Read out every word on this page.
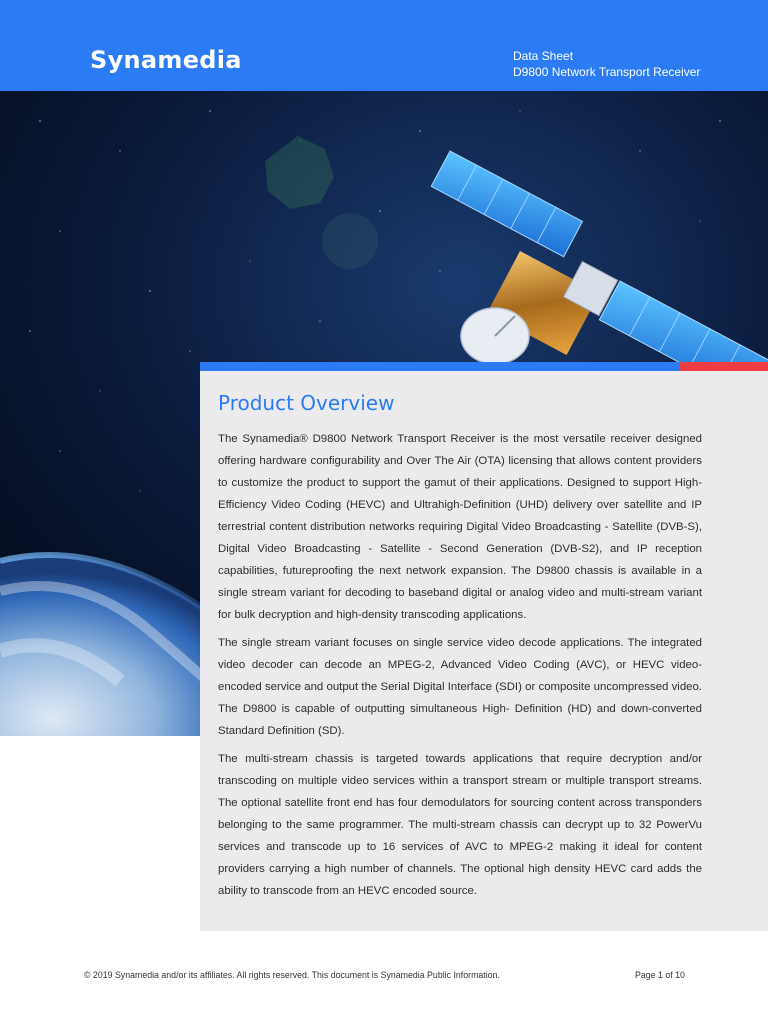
Synamedia	Data Sheet
D9800 Network Transport Receiver
Product Overview

The Synamedia® D9800 Network Transport Receiver is the most versatile receiver designed offering hardware configurability and Over The Air (OTA) licensing that allows content providers to customize the product to support the gamut of their applications. Designed to support High-Efficiency Video Coding (HEVC) and Ultrahigh-Definition (UHD) delivery over satellite and IP terrestrial content distribution networks requiring Digital Video Broadcasting - Satellite (DVB-S), Digital Video Broadcasting - Satellite - Second Generation (DVB-S2), and IP reception capabilities, futureproofing the next network expansion. The D9800 chassis is available in a single stream variant for decoding to baseband digital or analog video and multi-stream variant for bulk decryption and high-density transcoding applications.

The single stream variant focuses on single service video decode applications. The integrated video decoder can decode an MPEG-2, Advanced Video Coding (AVC), or HEVC video-encoded service and output the Serial Digital Interface (SDI) or composite uncompressed video. The D9800 is capable of outputting simultaneous High- Definition (HD) and down-converted Standard Definition (SD).

The multi-stream chassis is targeted towards applications that require decryption and/or transcoding on multiple video services within a transport stream or multiple transport streams. The optional satellite front end has four demodulators for sourcing content across transponders belonging to the same programmer. The multi-stream chassis can decrypt up to 32 PowerVu services and transcode up to 16 services of AVC to MPEG-2 making it ideal for content providers carrying a high number of channels. The optional high density HEVC card adds the ability to transcode from an HEVC encoded source.

© 2019 Synamedia and/or its affiliates. All rights reserved. This document is Synamedia Public Information.	Page 1 of 10
